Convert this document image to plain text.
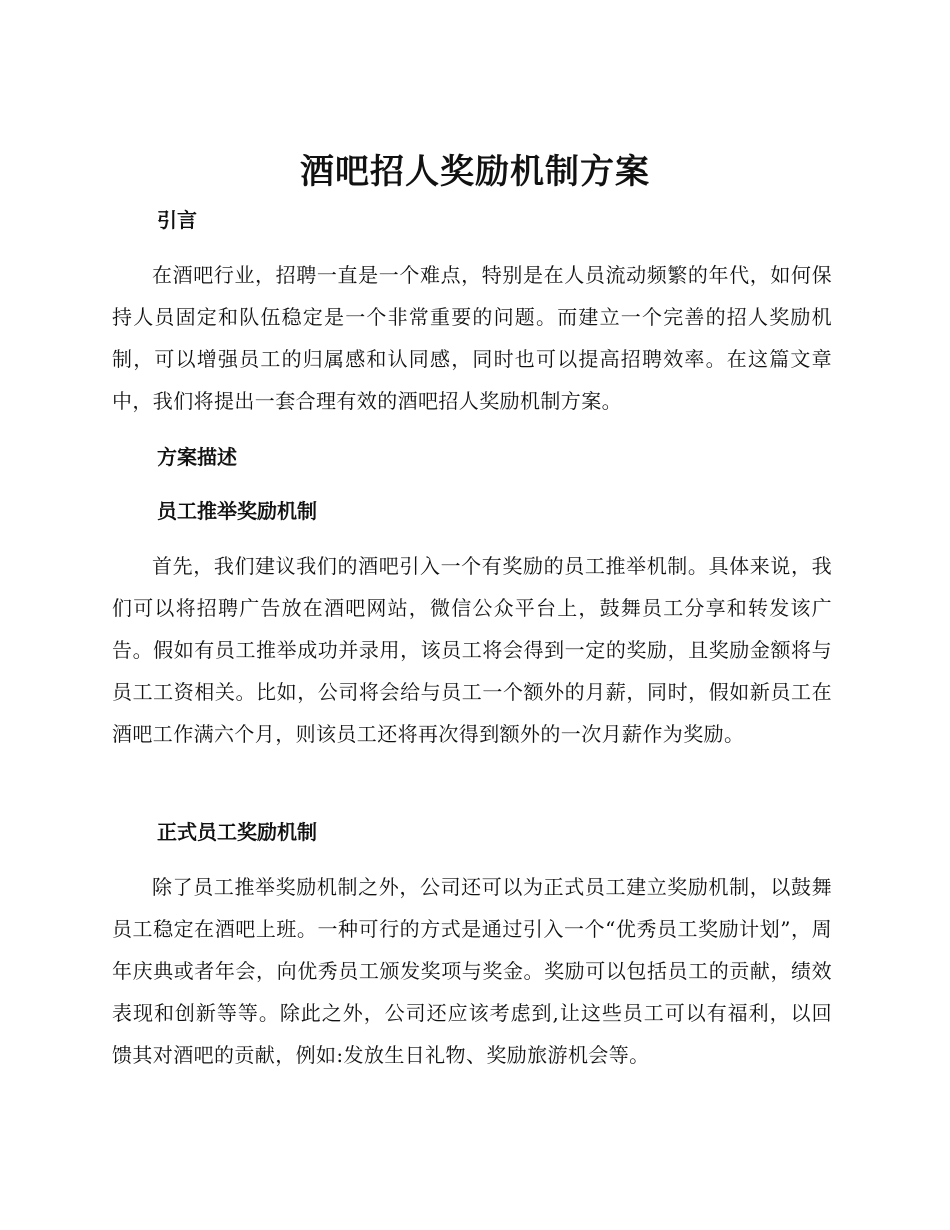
酒吧招人奖励机制方案
引言

在酒吧行业，招聘一直是一个难点，特别是在人员流动频繁的年代，如何保持人员固定和队伍稳定是一个非常重要的问题。而建立一个完善的招人奖励机制，可以增强员工的归属感和认同感，同时也可以提高招聘效率。在这篇文章中，我们将提出一套合理有效的酒吧招人奖励机制方案。

方案描述
员工推举奖励机制

首先，我们建议我们的酒吧引入一个有奖励的员工推举机制。具体来说，我们可以将招聘广告放在酒吧网站，微信公众平台上，鼓舞员工分享和转发该广告。假如有员工推举成功并录用，该员工将会得到一定的奖励，且奖励金额将与员工工资相关。比如，公司将会给与员工一个额外的月薪，同时，假如新员工在酒吧工作满六个月，则该员工还将再次得到额外的一次月薪作为奖励。

正式员工奖励机制

除了员工推举奖励机制之外，公司还可以为正式员工建立奖励机制，以鼓舞员工稳定在酒吧上班。一种可行的方式是通过引入一个“优秀员工奖励计划”，周年庆典或者年会，向优秀员工颁发奖项与奖金。奖励可以包括员工的贡献，绩效表现和创新等等。除此之外，公司还应该考虑到,让这些员工可以有福利，以回馈其对酒吧的贡献，例如:发放生日礼物、奖励旅游机会等。
